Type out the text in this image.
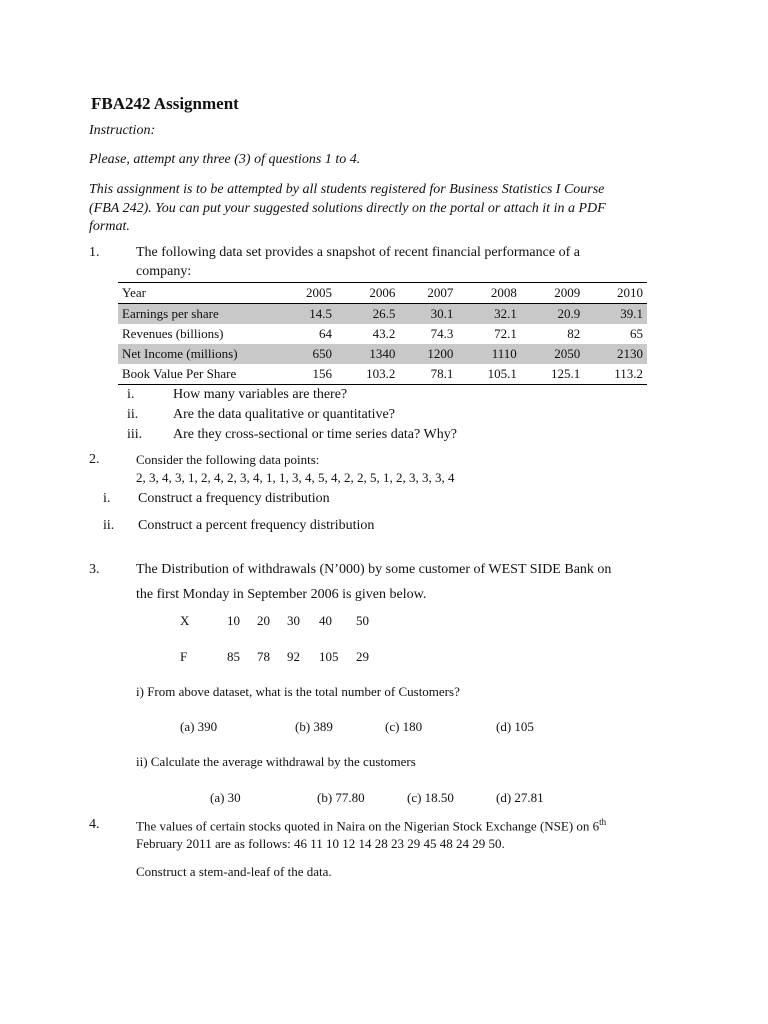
FBA242 Assignment
Instruction:
Please, attempt any three (3) of questions 1 to 4.
This assignment is to be attempted by all students registered for Business Statistics I Course
(FBA 242). You can put your suggested solutions directly on the portal or attach it in a PDF
format.
1.	The following data set provides a snapshot of recent financial performance of a
company:
Year	2005	2006	2007	2008	2009	2010
Earnings per share	14.5	26.5	30.1	32.1	20.9	39.1
Revenues (billions)	64	43.2	74.3	72.1	82	65
Net Income (millions)	650	1340	1200	1110	2050	2130
Book Value Per Share	156	103.2	78.1	105.1	125.1	113.2
i.	How many variables are there?
ii. Are the data qualitative or quantitative?
iii. Are they cross-sectional or time series data? Why?
2.	Consider the following data points:
2, 3, 4, 3, 1, 2, 4, 2, 3, 4, 1, 1, 3, 4, 5, 4, 2, 2, 5, 1, 2, 3, 3, 3, 4
i. Construct a frequency distribution
ii. Construct a percent frequency distribution
3.	The Distribution of withdrawals (N’000) by some customer of WEST SIDE Bank on
the first Monday in September 2006 is given below.
X	10 20 30 40 50
F	85 78 92 105 29
i) From above dataset, what is the total number of Customers?
(a) 390	(b) 389	(c) 180	(d) 105
ii) Calculate the average withdrawal by the customers
(a) 30	(b) 77.80	(c) 18.50	(d) 27.81
4.	The values of certain stocks quoted in Naira on the Nigerian Stock Exchange (NSE) on 6th
February 2011 are as follows: 46 11 10 12 14 28 23 29 45 48 24 29 50.
Construct a stem-and-leaf of the data.
